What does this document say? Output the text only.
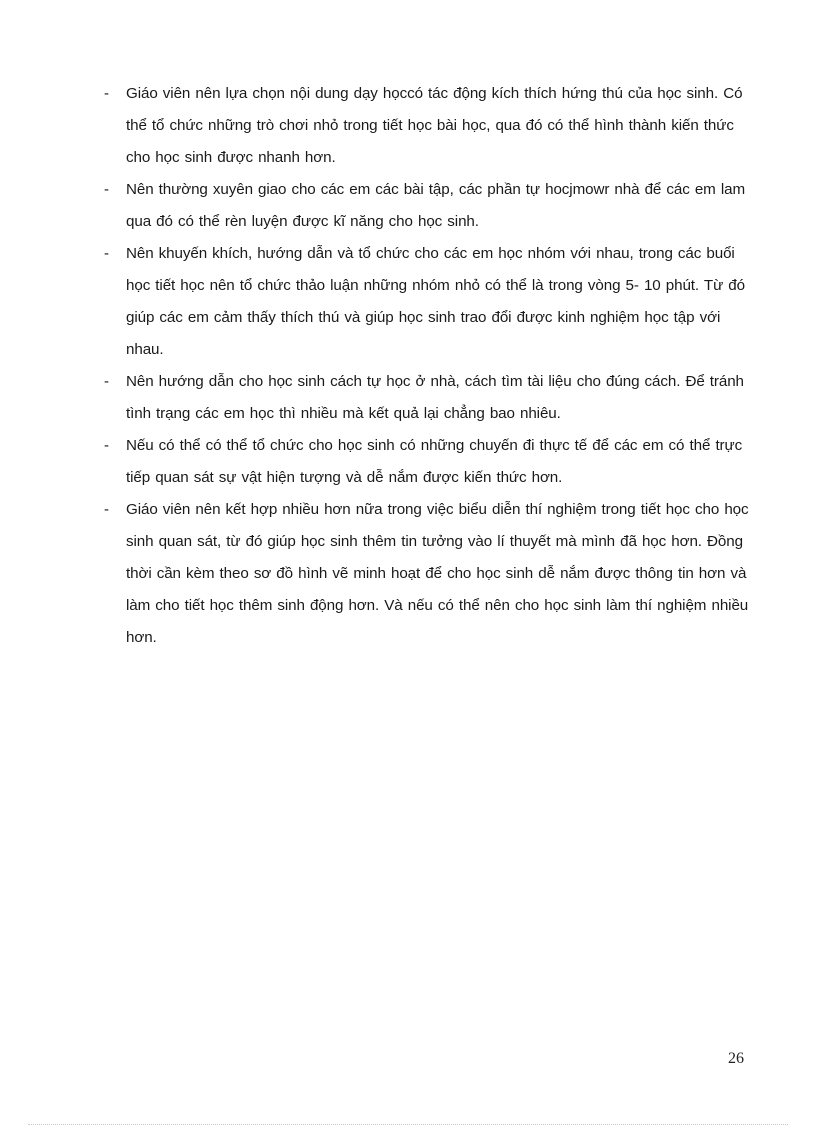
-	Giáo viên nên lựa chọn nội dung dạy họccó tác động kích thích hứng thú của học sinh. Có thể tổ chức những trò chơi nhỏ trong tiết học bài học, qua đó có thể hình thành kiến thức cho học sinh được nhanh hơn.
-	Nên thường xuyên giao cho các em các bài tập, các phần tự hocjmowr nhà để các em lam qua đó có thể rèn luyện được kĩ năng cho học sinh.
-	Nên khuyến khích, hướng dẫn và tổ chức cho các em học nhóm với nhau, trong các buổi học tiết học nên tổ chức thảo luận những nhóm nhỏ có thể là trong vòng 5- 10 phút. Từ đó giúp các em cảm thấy thích thú và giúp học sinh trao đổi được kinh nghiệm học tập với nhau.
-	Nên hướng dẫn cho học sinh cách tự học ở nhà, cách tìm tài liệu cho đúng cách. Để tránh tình trạng các em học thì nhiều mà kết quả lại chẳng bao nhiêu.
-	Nếu có thể có thể tổ chức cho học sinh có những chuyến đi thực tế để các em có thể trực tiếp quan sát sự vật hiện tượng và dễ nắm được kiến thức hơn.
-	Giáo viên nên kết hợp nhiều hơn nữa trong việc biểu diễn thí nghiệm trong tiết học cho học sinh quan sát, từ đó giúp học sinh thêm tin tưởng vào lí thuyết mà mình đã học hơn. Đồng thời cần kèm theo sơ đồ hình vẽ minh hoạt để cho học sinh dễ nắm được thông tin hơn và làm cho tiết học thêm sinh động hơn. Và nếu có thể nên cho học sinh làm thí nghiệm nhiều hơn.
26
